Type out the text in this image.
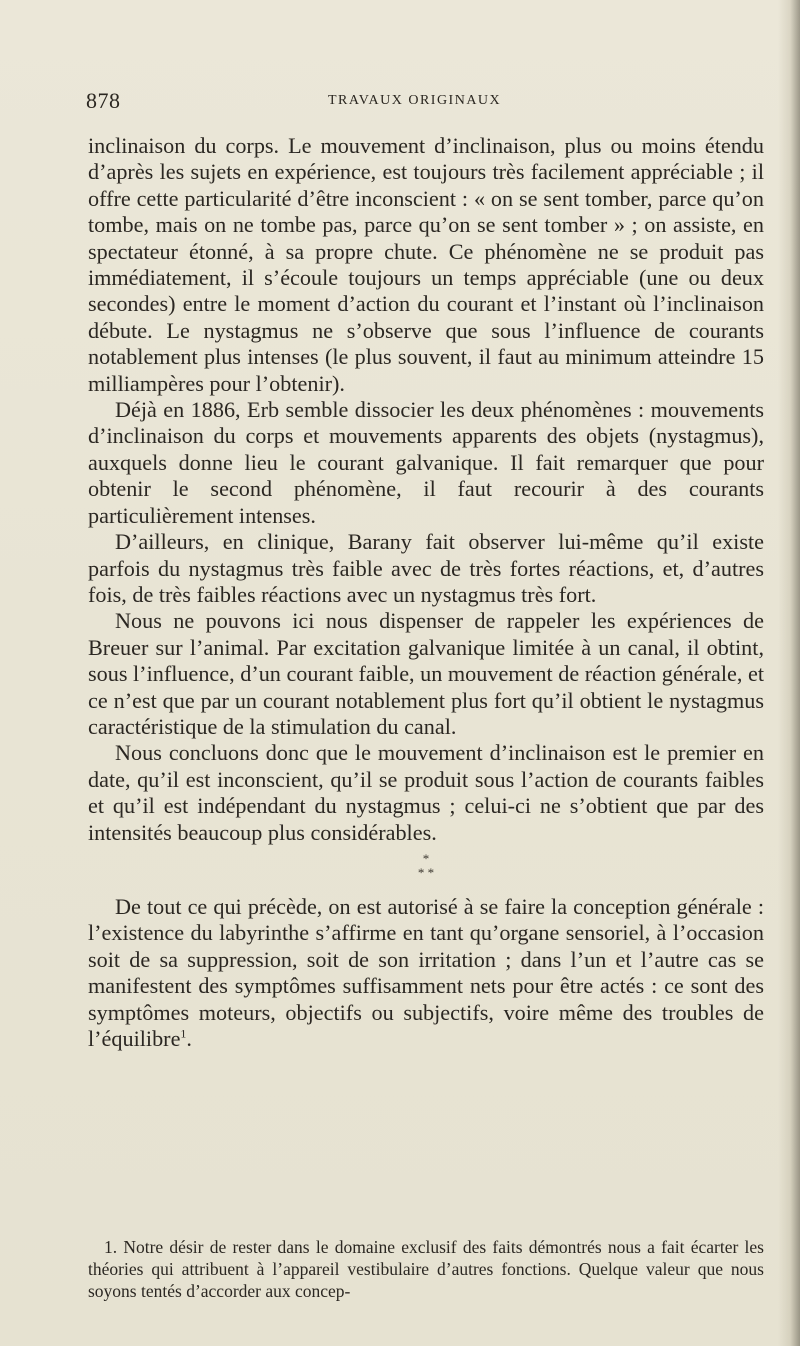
878	TRAVAUX ORIGINAUX

inclinaison du corps. Le mouvement d’inclinaison, plus ou moins étendu d’après les sujets en expérience, est toujours très facilement appréciable ; il offre cette particularité d’être inconscient : « on se sent tomber, parce qu’on tombe, mais on ne tombe pas, parce qu’on se sent tomber » ; on assiste, en spectateur étonné, à sa propre chute. Ce phénomène ne se produit pas immédiatement, il s’écoule toujours un temps appréciable (une ou deux secondes) entre le moment d’action du courant et l’instant où l’inclinaison débute. Le nystagmus ne s’observe que sous l’influence de courants notablement plus intenses (le plus souvent, il faut au minimum atteindre 15 milliampères pour l’obtenir).

Déjà en 1886, Erb semble dissocier les deux phénomènes : mouvements d’inclinaison du corps et mouvements apparents des objets (nystagmus), auxquels donne lieu le courant galvanique. Il fait remarquer que pour obtenir le second phénomène, il faut recourir à des courants particulièrement intenses.

D’ailleurs, en clinique, Barany fait observer lui-même qu’il existe parfois du nystagmus très faible avec de très fortes réactions, et, d’autres fois, de très faibles réactions avec un nystagmus très fort.

Nous ne pouvons ici nous dispenser de rappeler les expériences de Breuer sur l’animal. Par excitation galvanique limitée à un canal, il obtint, sous l’influence, d’un courant faible, un mouvement de réaction générale, et ce n’est que par un courant notablement plus fort qu’il obtient le nystagmus caractéristique de la stimulation du canal.

Nous concluons donc que le mouvement d’inclinaison est le premier en date, qu’il est inconscient, qu’il se produit sous l’action de courants faibles et qu’il est indépendant du nystagmus ; celui-ci ne s’obtient que par des intensités beaucoup plus considérables.

*
* *

De tout ce qui précède, on est autorisé à se faire la conception générale : l’existence du labyrinthe s’affirme en tant qu’organe sensoriel, à l’occasion soit de sa suppression, soit de son irritation ; dans l’un et l’autre cas se manifestent des symptômes suffisamment nets pour être actés : ce sont des symptômes moteurs, objectifs ou subjectifs, voire même des troubles de l’équilibre$^1$.

1. Notre désir de rester dans le domaine exclusif des faits démontrés nous a fait écarter les théories qui attribuent à l’appareil vestibulaire d’autres fonctions. Quelque valeur que nous soyons tentés d’accorder aux concep-
